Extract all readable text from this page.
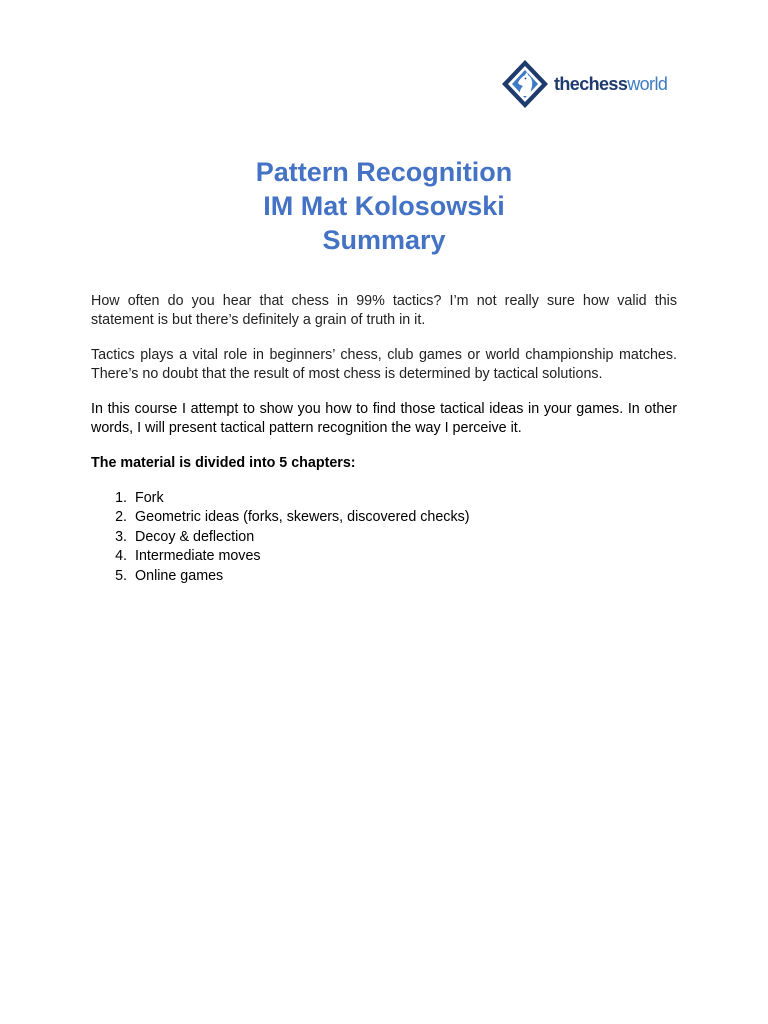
thechessworld
Pattern Recognition
IM Mat Kolosowski
Summary

How often do you hear that chess in 99% tactics? I’m not really sure how valid this statement is but there’s definitely a grain of truth in it.

Tactics plays a vital role in beginners’ chess, club games or world championship matches. There’s no doubt that the result of most chess is determined by tactical solutions.

In this course I attempt to show you how to find those tactical ideas in your games. In other words, I will present tactical pattern recognition the way I perceive it.

The material is divided into 5 chapters:

1. Fork
2. Geometric ideas (forks, skewers, discovered checks)
3. Decoy & deflection
4. Intermediate moves
5. Online games
